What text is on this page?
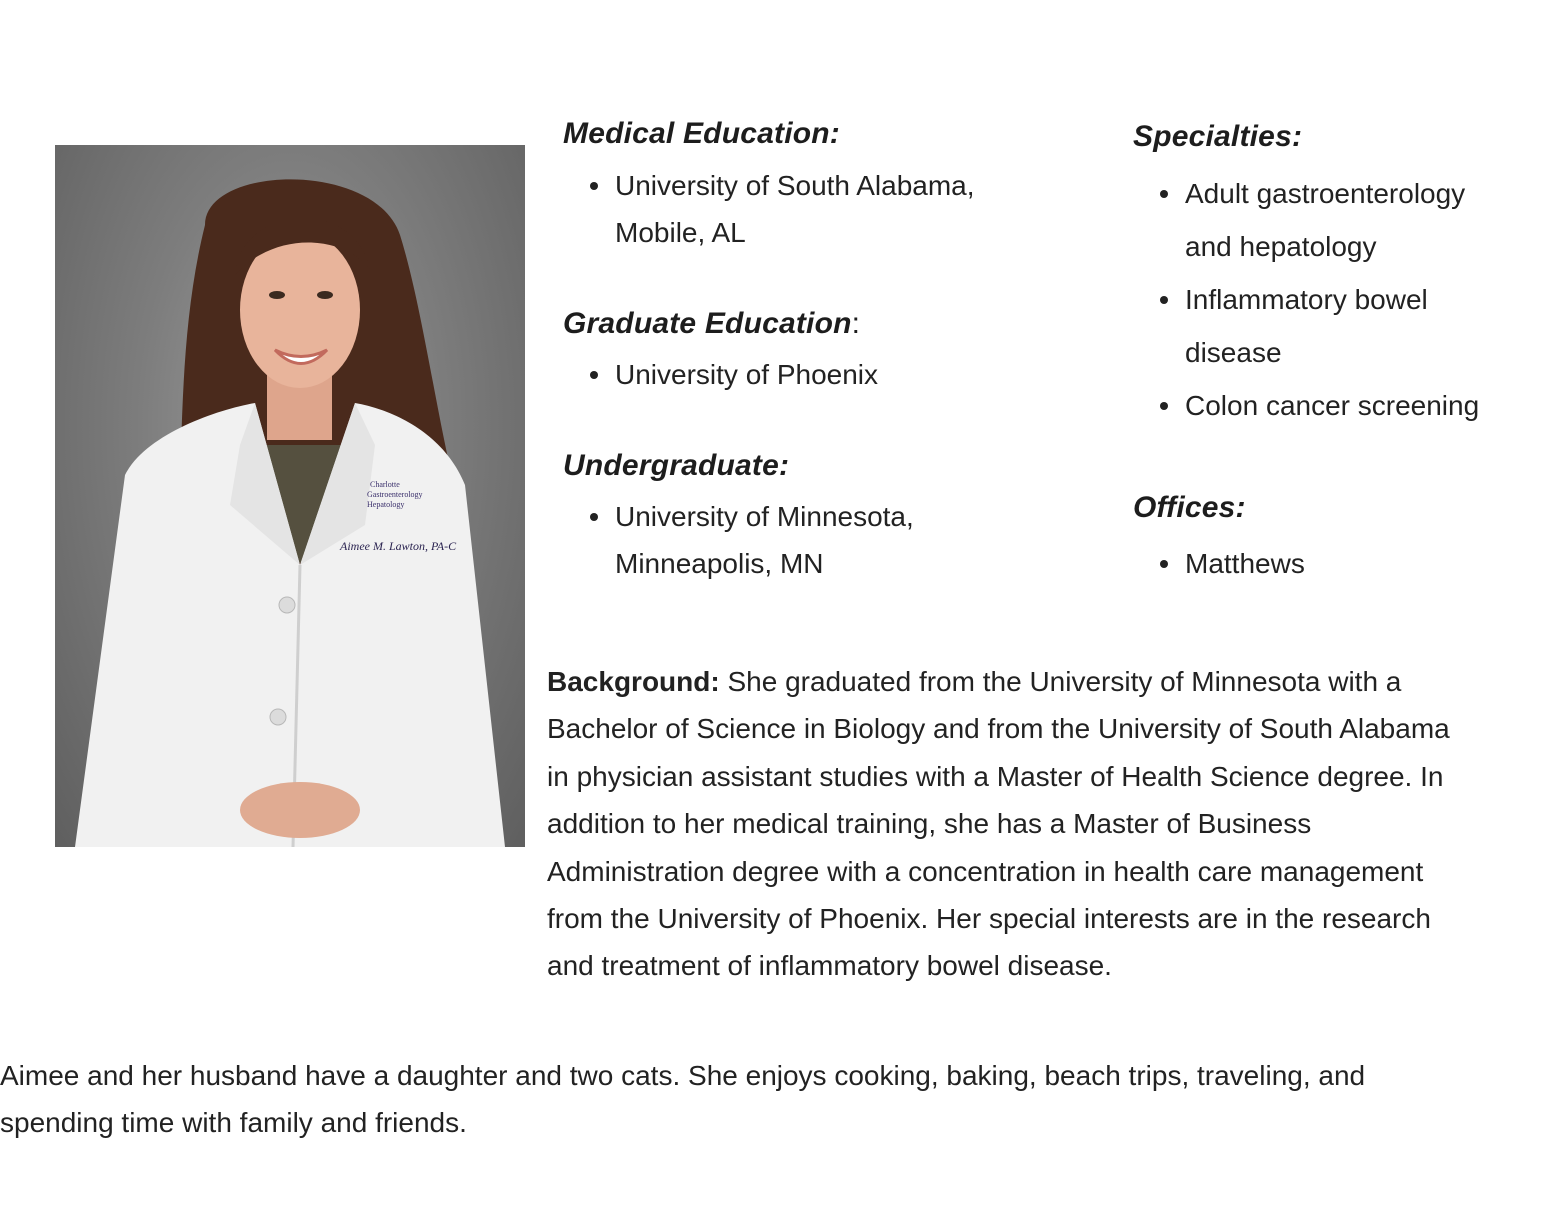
Charlotte
Gastroenterology
Hepatology
Aimee M. Lawton, PA-C
Medical Education:
University of South Alabama,
Mobile, AL
Graduate Education:
University of Phoenix
Undergraduate:
University of Minnesota,
Minneapolis, MN
Specialties:
Adult gastroenterology
and hepatology
Inflammatory bowel
disease
Colon cancer screening
Offices:
Matthews

Background: She graduated from the University of Minnesota with a
Bachelor of Science in Biology and from the University of South Alabama
in physician assistant studies with a Master of Health Science degree. In
addition to her medical training, she has a Master of Business
Administration degree with a concentration in health care management
from the University of Phoenix. Her special interests are in the research
and treatment of inflammatory bowel disease.

Aimee and her husband have a daughter and two cats. She enjoys cooking, baking, beach trips, traveling, and
spending time with family and friends.
